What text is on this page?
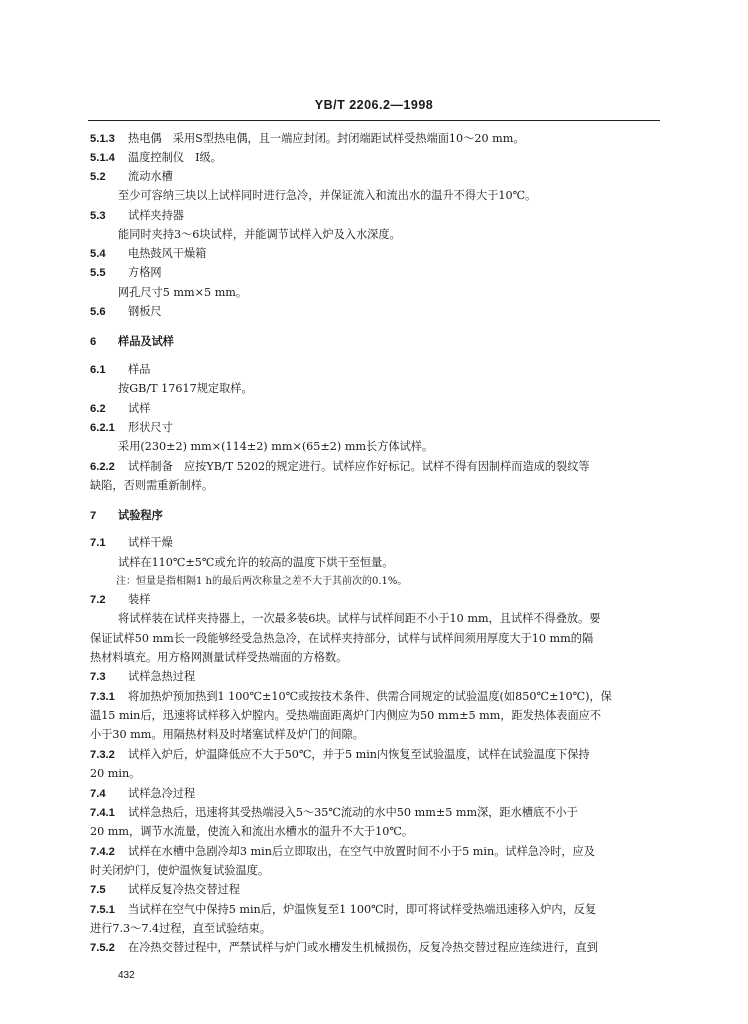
YB/T 2206.2—1998
5.1.3 热电偶　采用S型热电偶，且一端应封闭。封闭端距试样受热端面10～20 mm。
5.1.4 温度控制仪　Ⅰ级。
5.2 流动水槽
至少可容纳三块以上试样同时进行急冷，并保证流入和流出水的温升不得大于10℃。
5.3 试样夹持器
能同时夹持3～6块试样，并能调节试样入炉及入水深度。
5.4 电热鼓风干燥箱
5.5 方格网
网孔尺寸5 mm×5 mm。
5.6 钢板尺
6 样品及试样
6.1 样品
按GB/T 17617规定取样。
6.2 试样
6.2.1 形状尺寸
采用(230±2) mm×(114±2) mm×(65±2) mm长方体试样。
6.2.2 试样制备　应按YB/T 5202的规定进行。试样应作好标记。试样不得有因制样而造成的裂纹等
缺陷，否则需重新制样。
7 试验程序
7.1 试样干燥
试样在110℃±5℃或允许的较高的温度下烘干至恒量。
注：恒量是指相隔1 h的最后两次称量之差不大于其前次的0.1%。
7.2 装样
将试样装在试样夹持器上，一次最多装6块。试样与试样间距不小于10 mm，且试样不得叠放。要
保证试样50 mm长一段能够经受急热急冷，在试样夹持部分，试样与试样间须用厚度大于10 mm的隔
热材料填充。用方格网测量试样受热端面的方格数。
7.3 试样急热过程
7.3.1 将加热炉预加热到1 100℃±10℃或按技术条件、供需合同规定的试验温度(如850℃±10℃)，保
温15 min后，迅速将试样移入炉膛内。受热端面距离炉门内侧应为50 mm±5 mm，距发热体表面应不
小于30 mm。用隔热材料及时堵塞试样及炉门的间隙。
7.3.2 试样入炉后，炉温降低应不大于50℃，并于5 min内恢复至试验温度，试样在试验温度下保持
20 min。
7.4 试样急冷过程
7.4.1 试样急热后，迅速将其受热端浸入5～35℃流动的水中50 mm±5 mm深，距水槽底不小于
20 mm，调节水流量，使流入和流出水槽水的温升不大于10℃。
7.4.2 试样在水槽中急剧冷却3 min后立即取出，在空气中放置时间不小于5 min。试样急冷时，应及
时关闭炉门，使炉温恢复试验温度。
7.5 试样反复冷热交替过程
7.5.1 当试样在空气中保持5 min后，炉温恢复至1 100℃时，即可将试样受热端迅速移入炉内，反复
进行7.3～7.4过程，直至试验结束。
7.5.2 在冷热交替过程中，严禁试样与炉门或水槽发生机械损伤，反复冷热交替过程应连续进行，直到
432
